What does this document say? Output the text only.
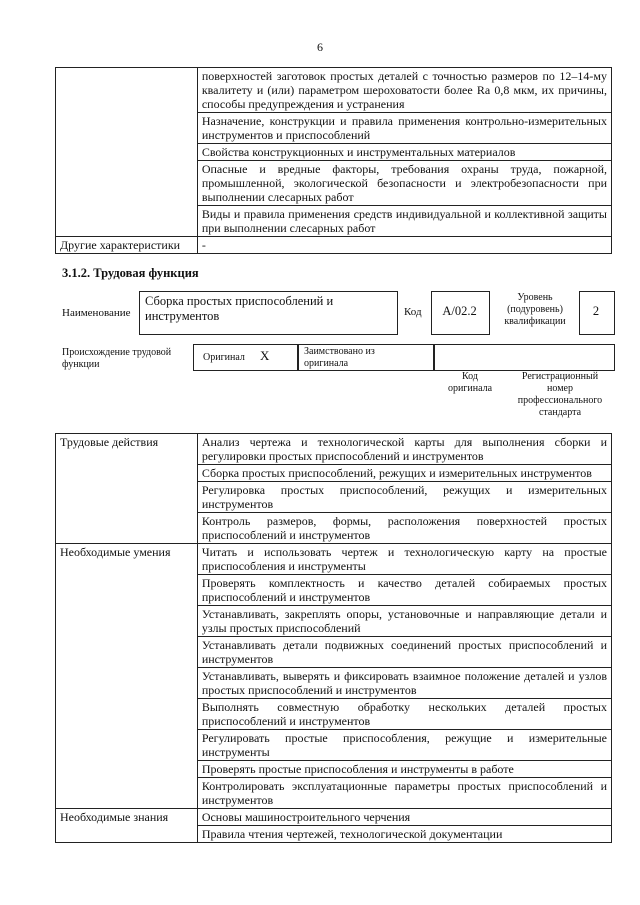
6
	поверхностей заготовок простых деталей с точностью размеров по 12–14-му квалитету и (или) параметром шероховатости более Ra 0,8 мкм, их причины, способы предупреждения и устранения
	Назначение, конструкции и правила применения контрольно-измерительных инструментов и приспособлений
	Свойства конструкционных и инструментальных материалов
	Опасные и вредные факторы, требования охраны труда, пожарной, промышленной, экологической безопасности и электробезопасности при выполнении слесарных работ
	Виды и правила применения средств индивидуальной и коллективной защиты при выполнении слесарных работ
Другие характеристики	-
3.1.2. Трудовая функция
Наименование
Сборка простых приспособлений и инструментов	Код	А/02.2
Уровень (подуровень) квалификации
2
Происхождение трудовой функции
Оригинал X	Заимствовано из оригинала
Код оригинала
Регистрационный номер профессионального стандарта
Трудовые действия	Анализ чертежа и технологической карты для выполнения сборки и регулировки простых приспособлений и инструментов
	Сборка простых приспособлений, режущих и измерительных инструментов
	Регулировка простых приспособлений, режущих и измерительных инструментов
	Контроль размеров, формы, расположения поверхностей простых приспособлений и инструментов
Необходимые умения	Читать и использовать чертеж и технологическую карту на простые приспособления и инструменты
	Проверять комплектность и качество деталей собираемых простых приспособлений и инструментов
	Устанавливать, закреплять опоры, установочные и направляющие детали и узлы простых приспособлений
	Устанавливать детали подвижных соединений простых приспособлений и инструментов
	Устанавливать, выверять и фиксировать взаимное положение деталей и узлов простых приспособлений и инструментов
	Выполнять совместную обработку нескольких деталей простых приспособлений и инструментов
	Регулировать простые приспособления, режущие и измерительные инструменты
	Проверять простые приспособления и инструменты в работе
	Контролировать эксплуатационные параметры простых приспособлений и инструментов
Необходимые знания	Основы машиностроительного черчения
	Правила чтения чертежей, технологической документации
